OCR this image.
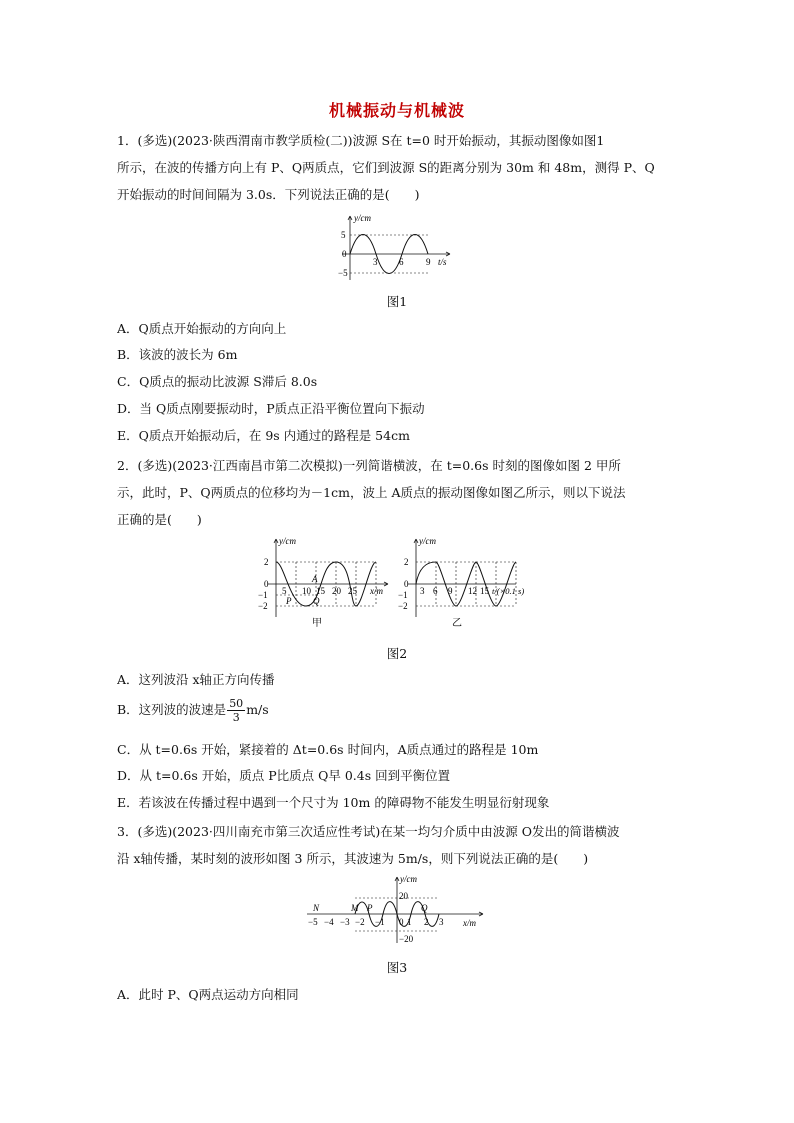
机械振动与机械波
1．(多选)(2023·陕西渭南市教学质检(二))波源 S在 t=0 时开始振动，其振动图像如图1
所示，在波的传播方向上有 P、Q两质点，它们到波源 S的距离分别为 30m 和 48m，测得 P、Q
开始振动的时间间隔为 3.0s．下列说法正确的是(　　)
y/cm
5
0
−5
3 6	9 t/s
图1
A．Q质点开始振动的方向向上
B．该波的波长为 6m
C．Q质点的振动比波源 S滞后 8.0s
D．当 Q质点刚要振动时，P质点正沿平衡位置向下振动
E．Q质点开始振动后，在 9s 内通过的路程是 54cm
2．(多选)(2023·江西南昌市第二次模拟)一列简谐横波，在 t=0.6s 时刻的图像如图 2 甲所
示，此时，P、Q两质点的位移均为－1cm，波上 A质点的振动图像如图乙所示，则以下说法
正确的是(　　)
y/cm
2
0
−1
−2
5 10 15 20 25 x/m
A
P Q
甲
y/cm
2
0
−1
−2
3 6 9 12 15 t/(×0.1 s)
乙
图2
A．这列波沿 x轴正方向传播
B．这列波的波速是 $\frac{50}{3} m/s$
C．从 t=0.6s 开始，紧接着的 Δt=0.6s 时间内，A质点通过的路程是 10m
D．从 t=0.6s 开始，质点 P比质点 Q早 0.4s 回到平衡位置
E．若该波在传播过程中遇到一个尺寸为 10m 的障碍物不能发生明显衍射现象
3．(多选)(2023·四川南充市第三次适应性考试)在某一均匀介质中由波源 O发出的简谐横波
沿 x轴传播，某时刻的波形如图 3 所示，其波速为 5m/s，则下列说法正确的是(　　)
y/cm
20
−20
N	M P	Q
−5 −4 −3 −2 −1 0 1 2 3 x/m
图3
A．此时 P、Q两点运动方向相同
